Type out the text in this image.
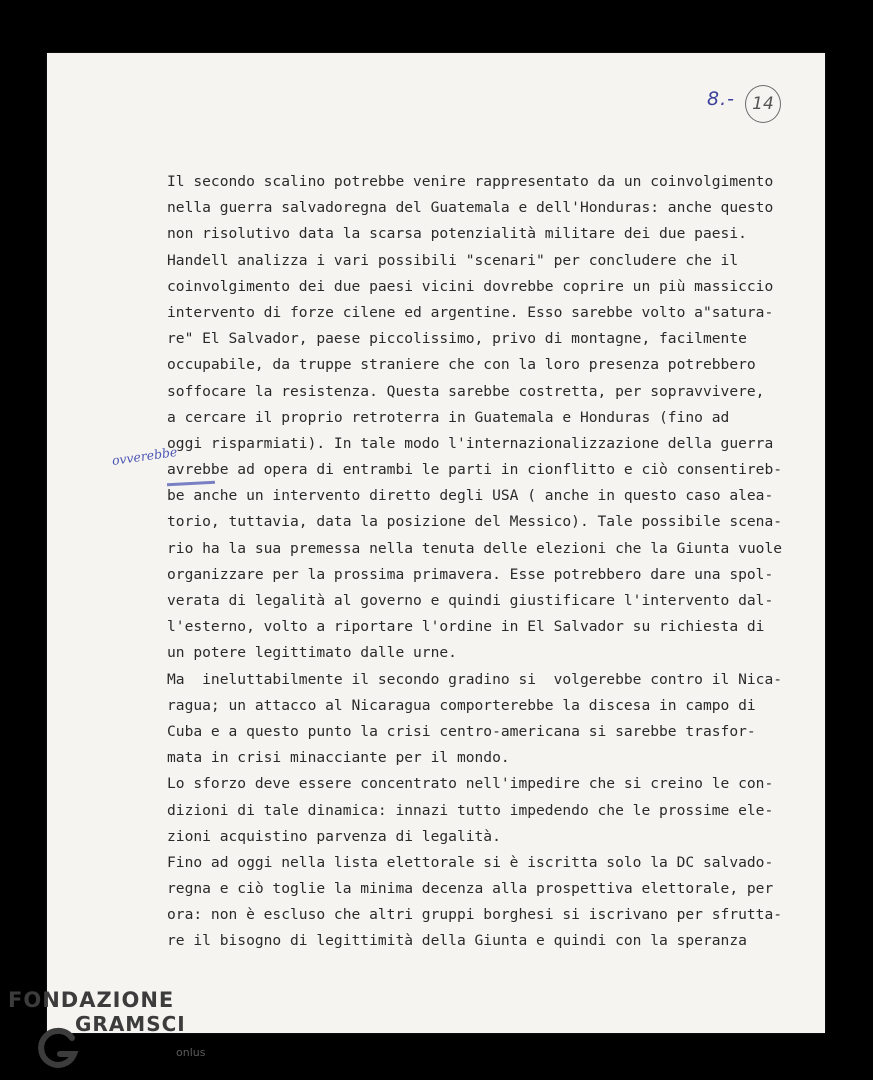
8.-	14
Il secondo scalino potrebbe venire rappresentato da un coinvolgimento
nella guerra salvadoregna del Guatemala e dell'Honduras: anche questo
non risolutivo data la scarsa potenzialità militare dei due paesi.
Handell analizza i vari possibili "scenari" per concludere che il
coinvolgimento dei due paesi vicini dovrebbe coprire un più massiccio
intervento di forze cilene ed argentine. Esso sarebbe volto a"satura-
re" El Salvador, paese piccolissimo, privo di montagne, facilmente
occupabile, da truppe straniere che con la loro presenza potrebbero
soffocare la resistenza. Questa sarebbe costretta, per sopravvivere,
a cercare il proprio retroterra in Guatemala e Honduras (fino ad
oggi risparmiati). In tale modo l'internazionalizzazione della guerra
avrebbe ad opera di entrambi le parti in cionflitto e ciò consentireb-
be anche un intervento diretto degli USA ( anche in questo caso alea-
torio, tuttavia, data la posizione del Messico). Tale possibile scena-
rio ha la sua premessa nella tenuta delle elezioni che la Giunta vuole
organizzare per la prossima primavera. Esse potrebbero dare una spol-
verata di legalità al governo e quindi giustificare l'intervento dal-
l'esterno, volto a riportare l'ordine in El Salvador su richiesta di
un potere legittimato dalle urne.
Ma  ineluttabilmente il secondo gradino si  volgerebbe contro il Nica-
ragua; un attacco al Nicaragua comporterebbe la discesa in campo di
Cuba e a questo punto la crisi centro-americana si sarebbe trasfor-
mata in crisi minacciante per il mondo.
Lo sforzo deve essere concentrato nell'impedire che si creino le con-
dizioni di tale dinamica: innazi tutto impedendo che le prossime ele-
zioni acquistino parvenza di legalità.
Fino ad oggi nella lista elettorale si è iscritta solo la DC salvado-
regna e ciò toglie la minima decenza alla prospettiva elettorale, per
ora: non è escluso che altri gruppi borghesi si iscrivano per sfrutta-
re il bisogno di legittimità della Giunta e quindi con la speranza
ovverebbe
FONDAZIONE
GRAMSCI
onlus
